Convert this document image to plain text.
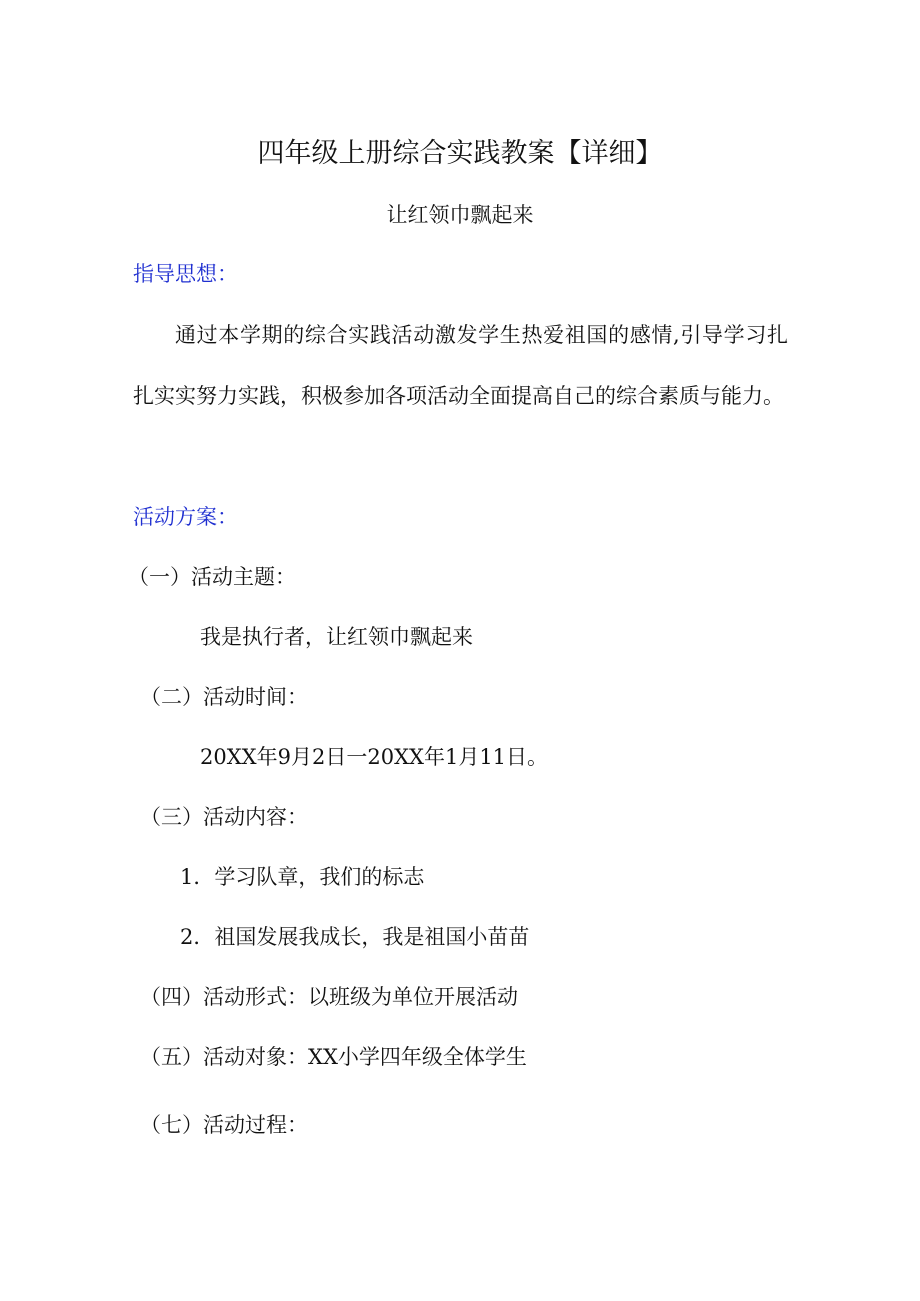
四年级上册综合实践教案【详细】
让红领巾飘起来
指导思想：
通过本学期的综合实践活动激发学生热爱祖国的感情,引导学习扎扎实实努力实践，积极参加各项活动全面提高自己的综合素质与能力。
活动方案：
（一）活动主题：
我是执行者，让红领巾飘起来
（二）活动时间：
20XX年9月2日一20XX年1月11日。
（三）活动内容：
1．学习队章，我们的标志
2．祖国发展我成长，我是祖国小苗苗
（四）活动形式：以班级为单位开展活动
（五）活动对象：XX小学四年级全体学生
（七）活动过程：
